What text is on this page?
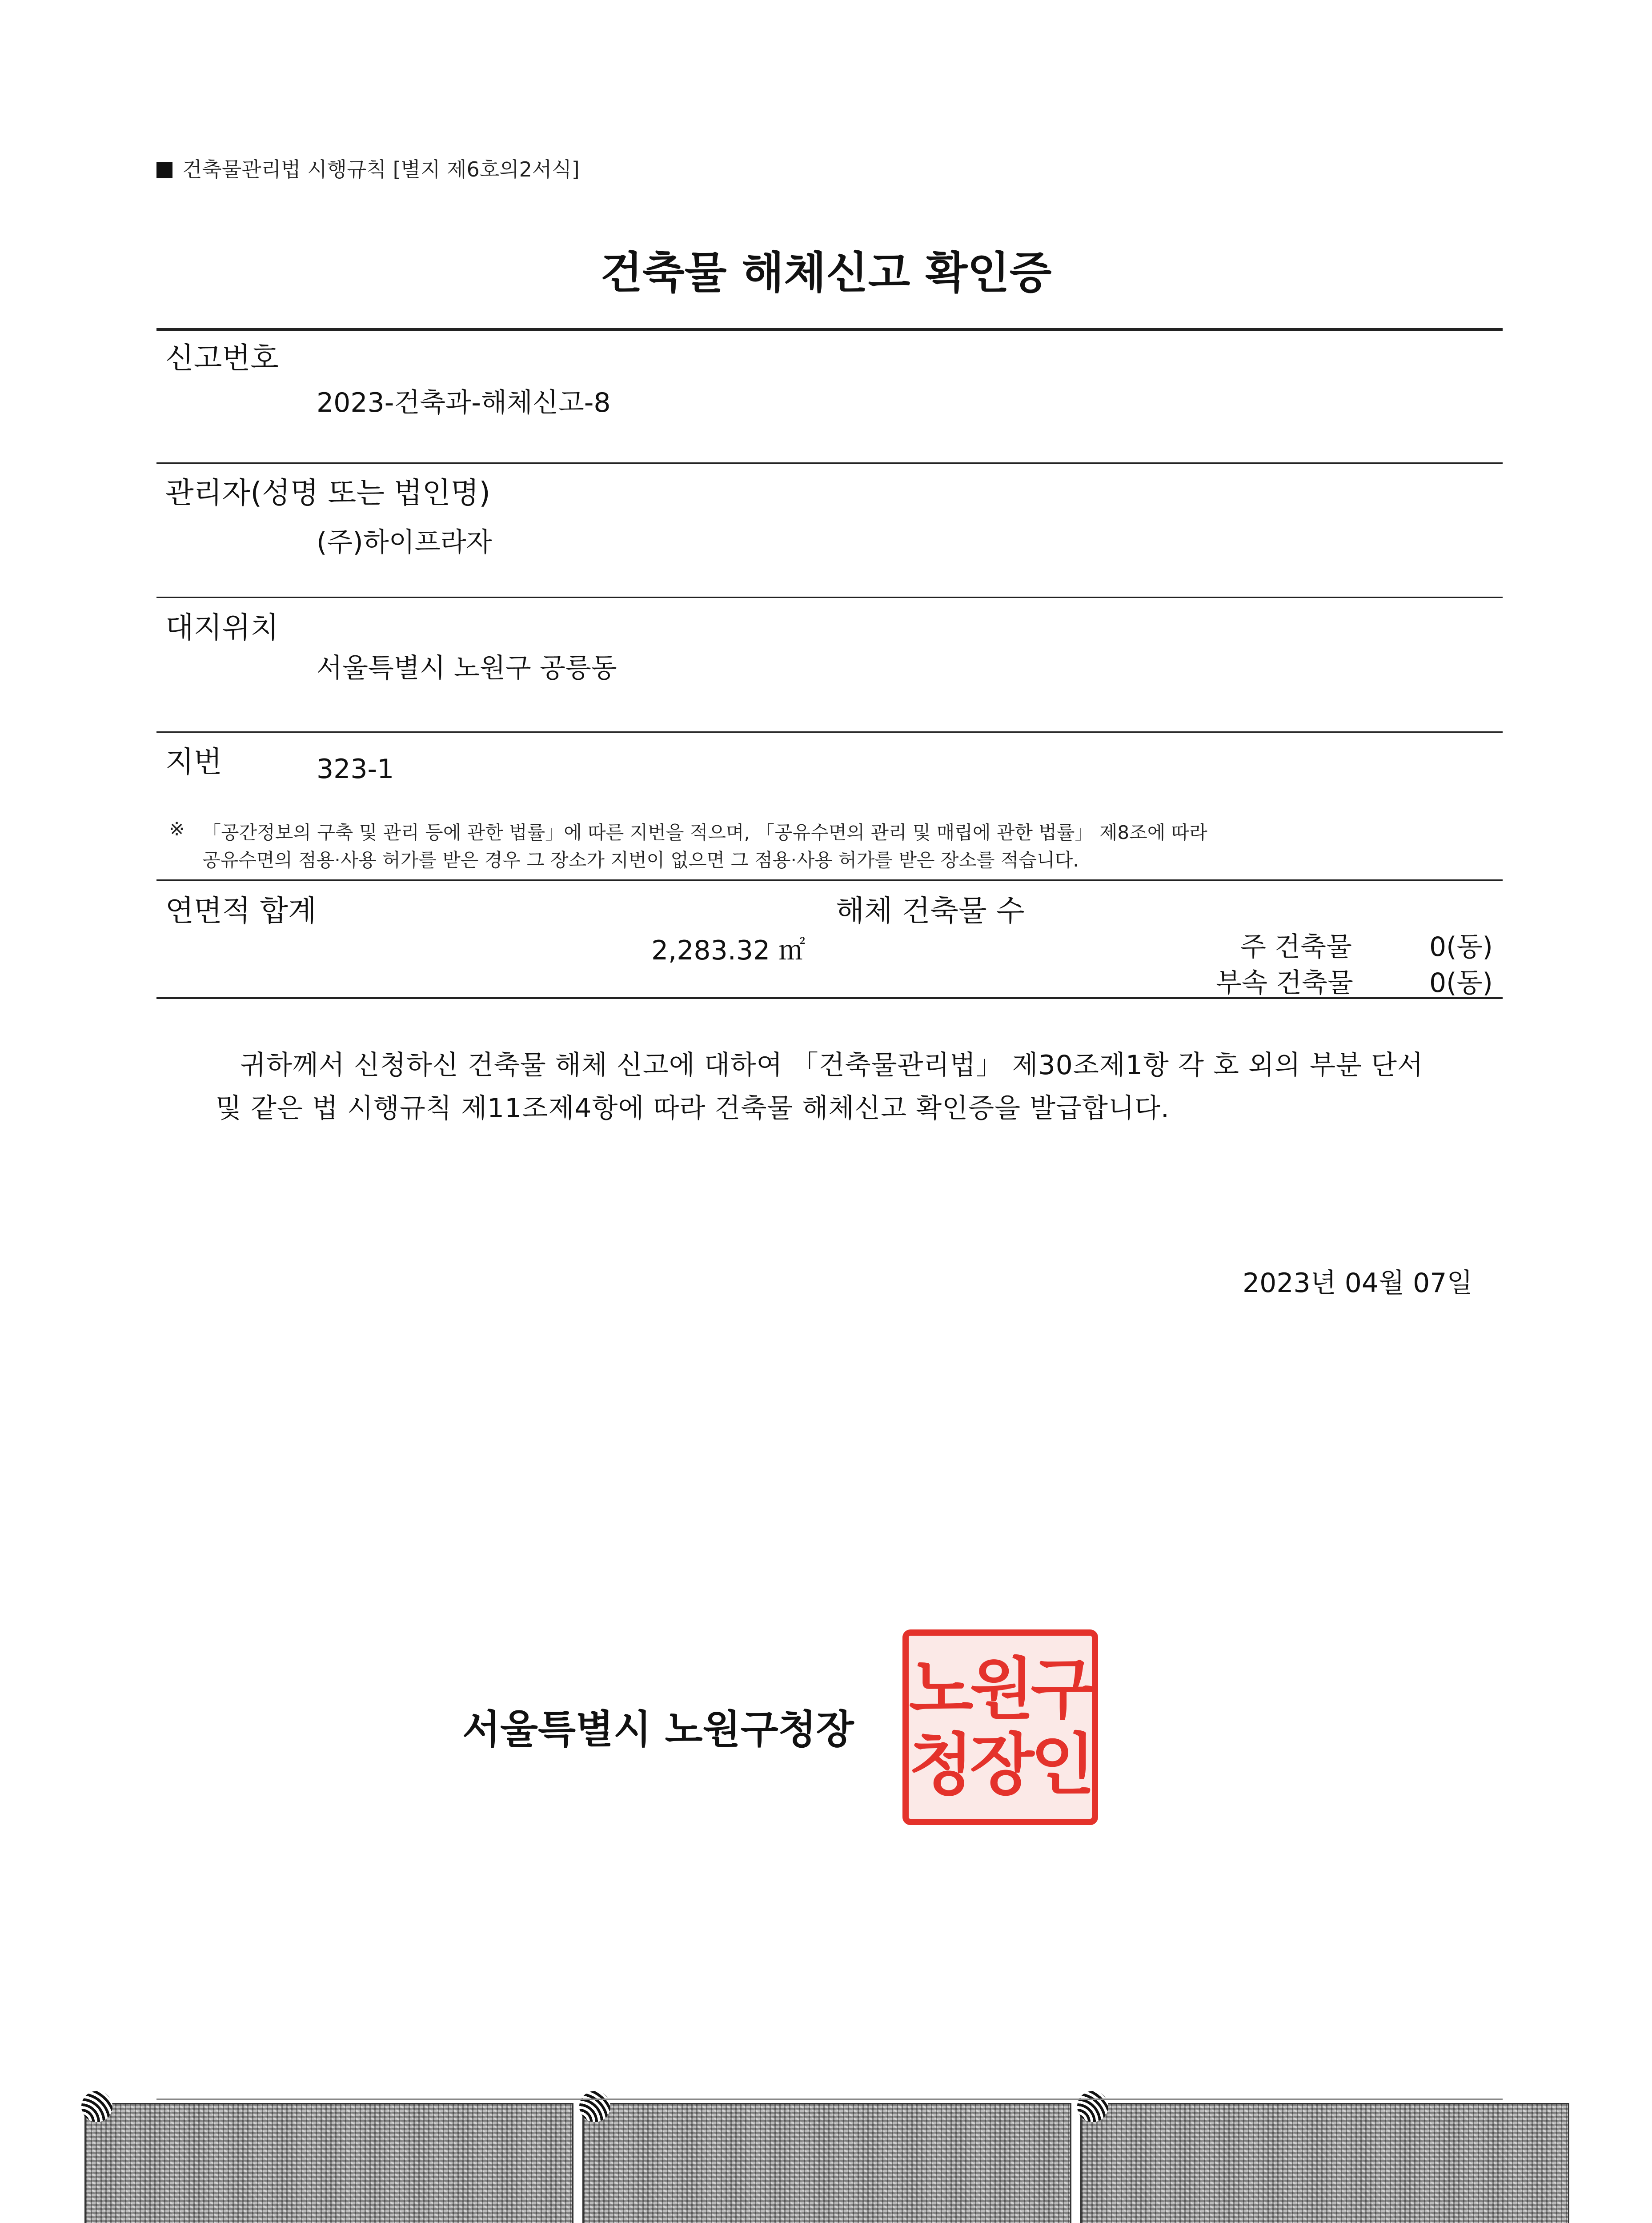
건축물관리법 시행규칙 [별지 제6호의2서식]
건축물 해체신고 확인증
신고번호
2023-건축과-해체신고-8
관리자(성명 또는 법인명)
(주)하이프라자
대지위치
서울특별시 노원구 공릉동
지번	323-1
※ 「공간정보의 구축 및 관리 등에 관한 법률」에 따른 지번을 적으며, 「공유수면의 관리 및 매립에 관한 법률」 제8조에 따라
공유수면의 점용·사용 허가를 받은 경우 그 장소가 지번이 없으면 그 점용·사용 허가를 받은 장소를 적습니다.
연면적 합계
2,283.32 ㎡
해체 건축물 수
주 건축물	0(동)
부속 건축물	0(동)
귀하께서 신청하신 건축물 해체 신고에 대하여 「건축물관리법」 제30조제1항 각 호 외의 부분 단서
및 같은 법 시행규칙 제11조제4항에 따라 건축물 해체신고 확인증을 발급합니다.
2023년 04월 07일
서울특별시 노원구청장
노원구
청장인
